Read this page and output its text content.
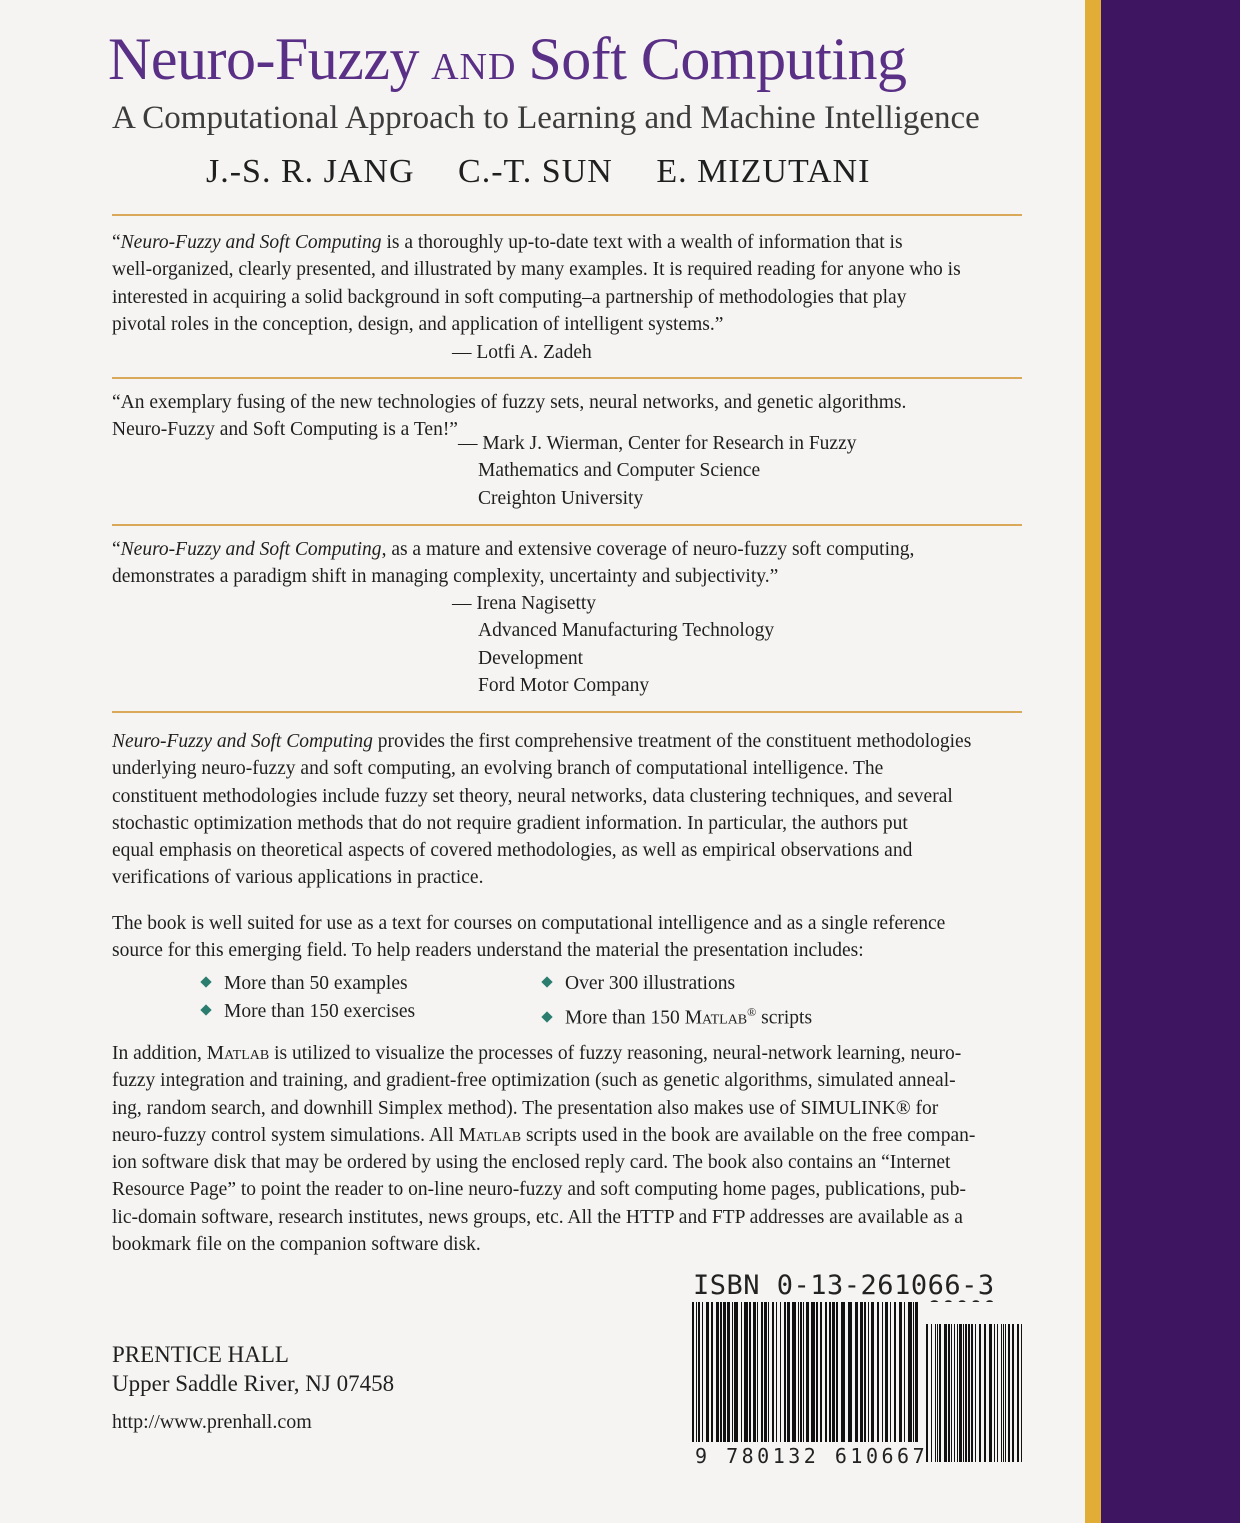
Neuro-Fuzzy AND Soft Computing
A Computational Approach to Learning and Machine Intelligence
J.-S. R. JANG C.-T. SUN E. MIZUTANI

“Neuro-Fuzzy and Soft Computing is a thoroughly up-to-date text with a wealth of information that is

well-organized, clearly presented, and illustrated by many examples. It is required reading for anyone who is

interested in acquiring a solid background in soft computing–a partnership of methodologies that play

pivotal roles in the conception, design, and application of intelligent systems.”

— Lotfi A. Zadeh

“An exemplary fusing of the new technologies of fuzzy sets, neural networks, and genetic algorithms.

Neuro-Fuzzy and Soft Computing is a Ten!”

— Mark J. Wierman, Center for Research in Fuzzy
Mathematics and Computer Science
Creighton University

“Neuro-Fuzzy and Soft Computing, as a mature and extensive coverage of neuro-fuzzy soft computing,

demonstrates a paradigm shift in managing complexity, uncertainty and subjectivity.”

— Irena Nagisetty
Advanced Manufacturing Technology
Development
Ford Motor Company

Neuro-Fuzzy and Soft Computing provides the first comprehensive treatment of the constituent methodologies

underlying neuro-fuzzy and soft computing, an evolving branch of computational intelligence. The

constituent methodologies include fuzzy set theory, neural networks, data clustering techniques, and several

stochastic optimization methods that do not require gradient information. In particular, the authors put

equal emphasis on theoretical aspects of covered methodologies, as well as empirical observations and

verifications of various applications in practice.

The book is well suited for use as a text for courses on computational intelligence and as a single reference

source for this emerging field. To help readers understand the material the presentation includes:

More than 50 examples
More than 150 exercises
Over 300 illustrations
More than 150 Matlab® scripts

In addition, Matlab is utilized to visualize the processes of fuzzy reasoning, neural-network learning, neuro-

fuzzy integration and training, and gradient-free optimization (such as genetic algorithms, simulated anneal-

ing, random search, and downhill Simplex method). The presentation also makes use of SIMULINK® for

neuro-fuzzy control system simulations. All Matlab scripts used in the book are available on the free compan-

ion software disk that may be ordered by using the enclosed reply card. The book also contains an “Internet

Resource Page” to point the reader to on-line neuro-fuzzy and soft computing home pages, publications, pub-

lic-domain software, research institutes, news groups, etc. All the HTTP and FTP addresses are available as a

bookmark file on the companion software disk.

PRENTICE HALL
Upper Saddle River, NJ 07458
http://www.prenhall.com
ISBN 0-13-261066-3
9 780132 610667
